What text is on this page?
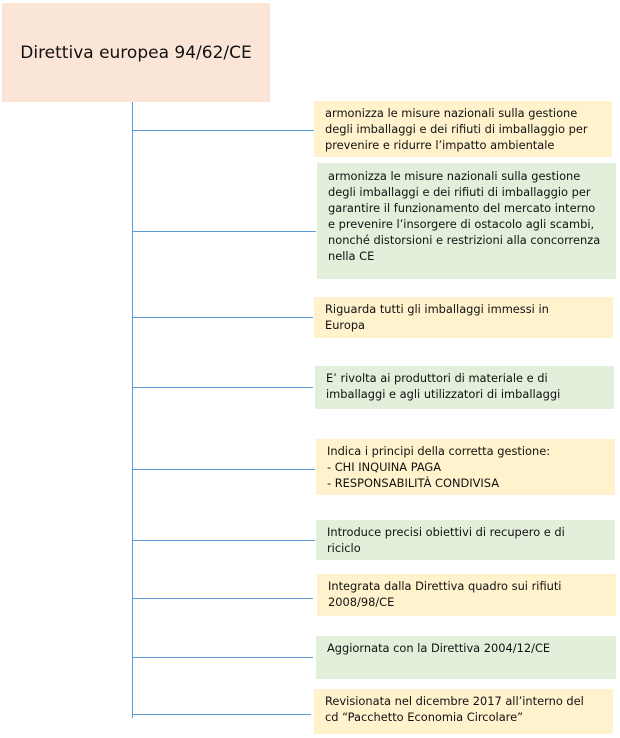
Direttiva europea 94/62/CE
armonizza le misure nazionali sulla gestione
degli imballaggi e dei rifiuti di imballaggio per
prevenire e ridurre l’impatto ambientale
armonizza le misure nazionali sulla gestione
degli imballaggi e dei rifiuti di imballaggio per
garantire il funzionamento del mercato interno
e prevenire l’insorgere di ostacolo agli scambi,
nonché distorsioni e restrizioni alla concorrenza
nella CE
Riguarda tutti gli imballaggi immessi in
Europa
E’ rivolta ai produttori di materiale e di
imballaggi e agli utilizzatori di imballaggi
Indica i principi della corretta gestione:
- CHI INQUINA PAGA
- RESPONSABILITÀ CONDIVISA
Introduce precisi obiettivi di recupero e di
riciclo
Integrata dalla Direttiva quadro sui rifiuti
2008/98/CE
Aggiornata con la Direttiva 2004/12/CE
Revisionata nel dicembre 2017 all’interno del
cd “Pacchetto Economia Circolare”
